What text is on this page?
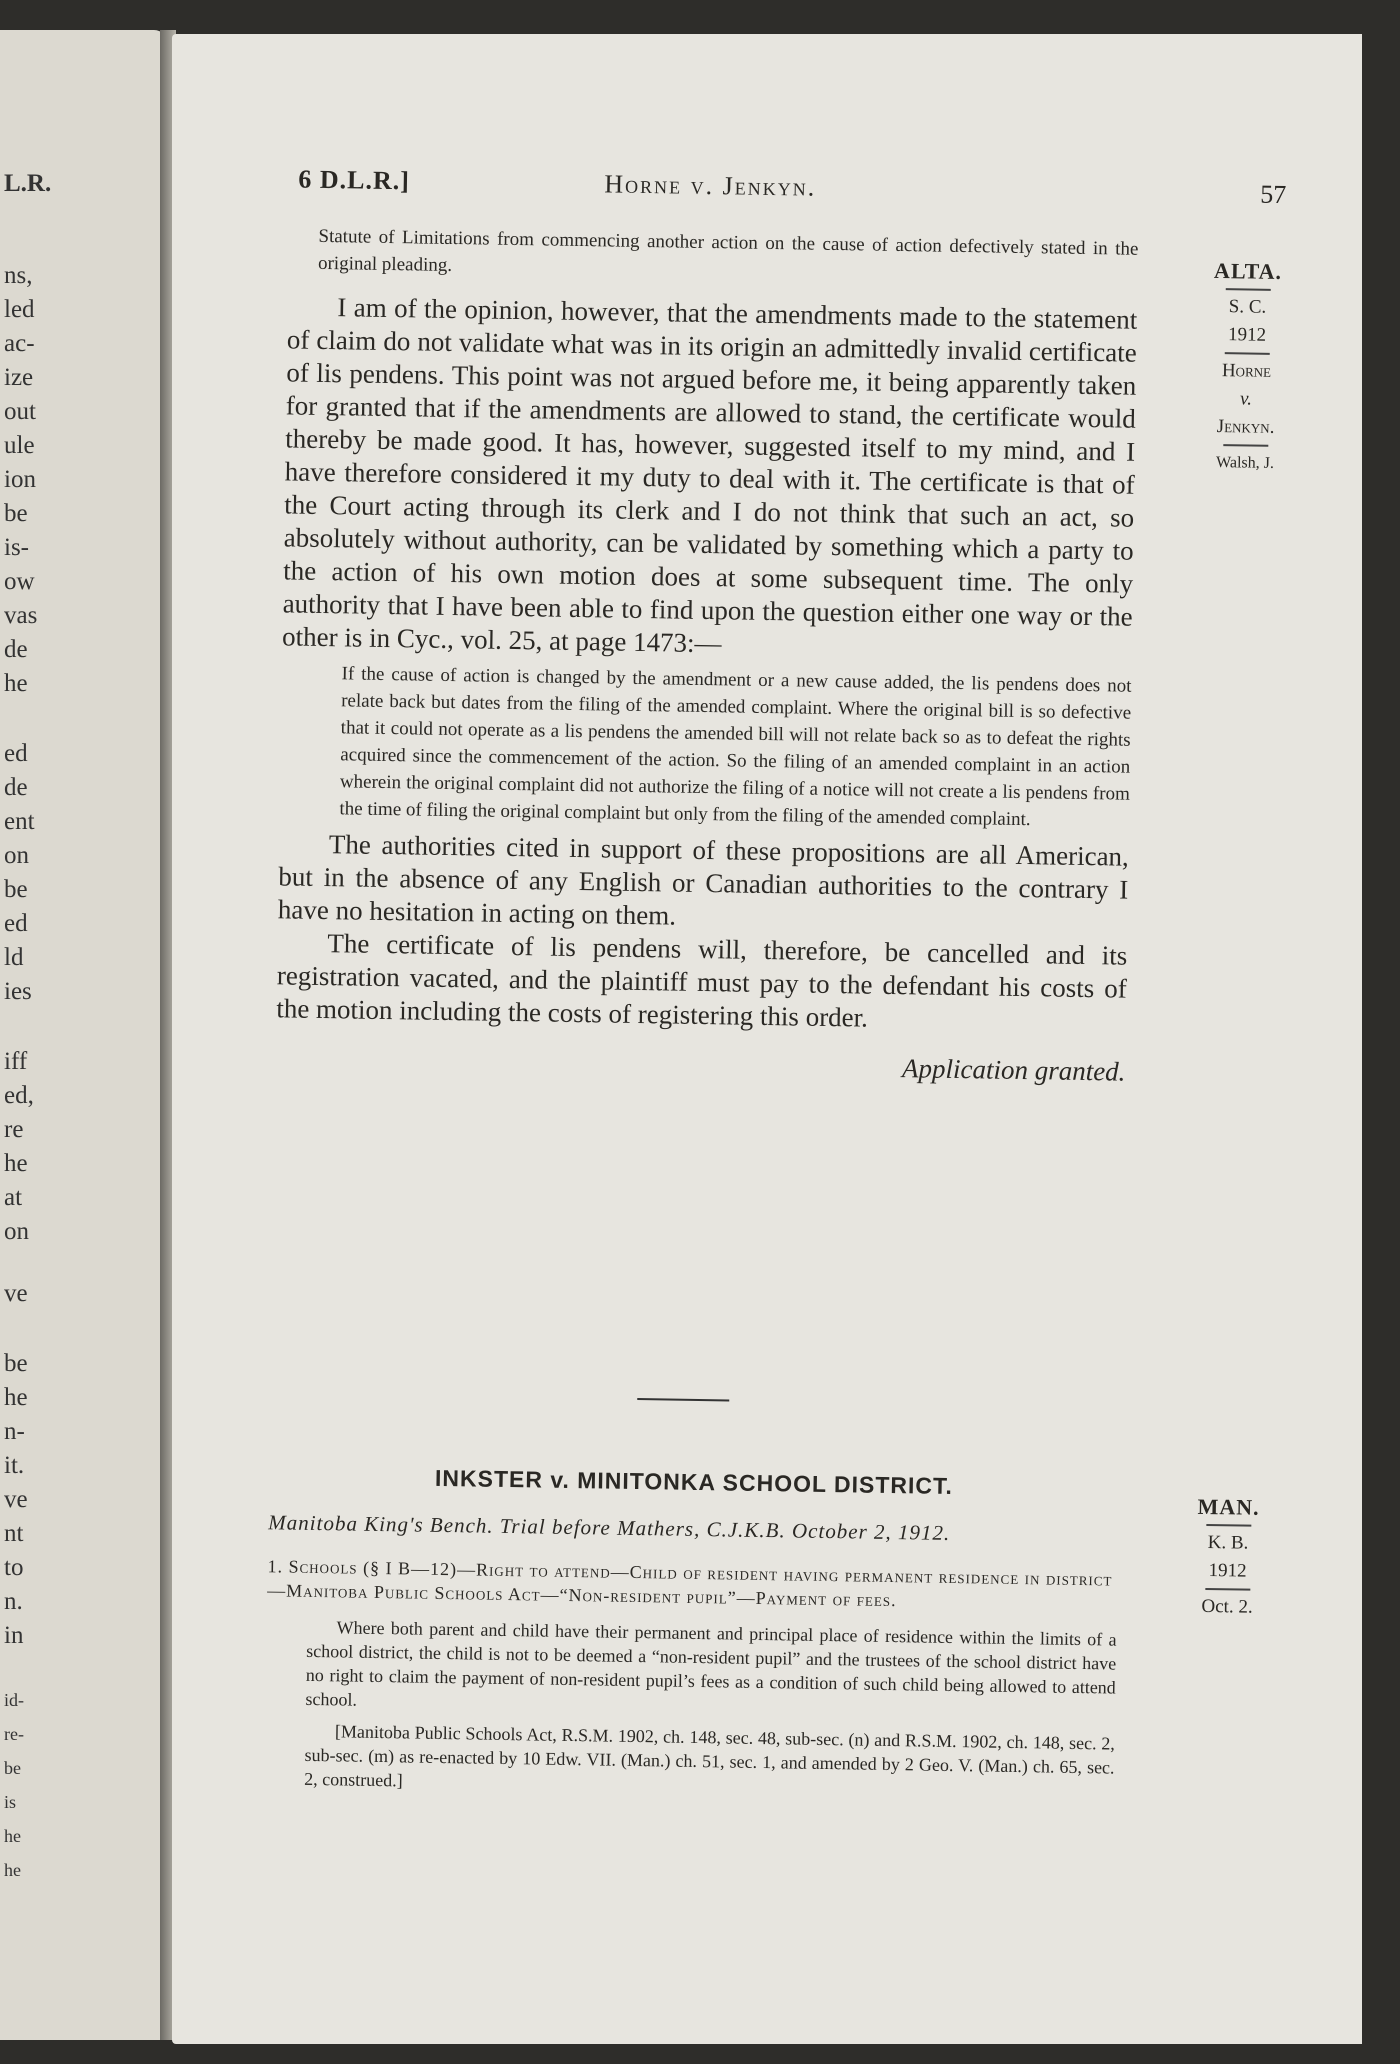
L.R.
ns,
led
ac-
ize
out
ule
ion
be
is-
ow
vas
de
he
ed
de
ent
on
be
ed
ld
ies
iff
ed,
re
he
at
on
ve
be
he
n-
it.
ve
nt
to
n.
in
id-
re-
be
is
he
he
6 D.L.R.]	Horne v. Jenkyn.	57
ALTA.
S. C.
1912
Horne
v.
Jenkyn.
Walsh, J.

Statute of Limitations from commencing another action on the cause of action defectively stated in the original pleading.

I am of the opinion, however, that the amendments made to the statement of claim do not validate what was in its origin an admittedly invalid certificate of lis pendens. This point was not argued before me, it being apparently taken for granted that if the amendments are allowed to stand, the certificate would thereby be made good. It has, however, suggested itself to my mind, and I have therefore considered it my duty to deal with it. The certificate is that of the Court acting through its clerk and I do not think that such an act, so absolutely without authority, can be validated by something which a party to the action of his own motion does at some subsequent time. The only authority that I have been able to find upon the question either one way or the other is in Cyc., vol. 25, at page 1473:—

If the cause of action is changed by the amendment or a new cause added, the lis pendens does not relate back but dates from the filing of the amended complaint. Where the original bill is so defective that it could not operate as a lis pendens the amended bill will not relate back so as to defeat the rights acquired since the commencement of the action. So the filing of an amended complaint in an action wherein the original complaint did not authorize the filing of a notice will not create a lis pendens from the time of filing the original complaint but only from the filing of the amended complaint.

The authorities cited in support of these propositions are all American, but in the absence of any English or Canadian authorities to the contrary I have no hesitation in acting on them.

The certificate of lis pendens will, therefore, be cancelled and its registration vacated, and the plaintiff must pay to the defendant his costs of the motion including the costs of registering this order.

Application granted.

INKSTER v. MINITONKA SCHOOL DISTRICT.
Manitoba King's Bench. Trial before Mathers, C.J.K.B. October 2, 1912.
MAN.
K. B.
1912
Oct. 2.
1. Schools (§ I B—12)—Right to attend—Child of resident having permanent residence in district—Manitoba Public Schools Act—“Non-resident pupil”—Payment of fees.

Where both parent and child have their permanent and principal place of residence within the limits of a school district, the child is not to be deemed a “non-resident pupil” and the trustees of the school district have no right to claim the payment of non-resident pupil’s fees as a condition of such child being allowed to attend school.

[Manitoba Public Schools Act, R.S.M. 1902, ch. 148, sec. 48, sub-sec. (n) and R.S.M. 1902, ch. 148, sec. 2, sub-sec. (m) as re-enacted by 10 Edw. VII. (Man.) ch. 51, sec. 1, and amended by 2 Geo. V. (Man.) ch. 65, sec. 2, construed.]
